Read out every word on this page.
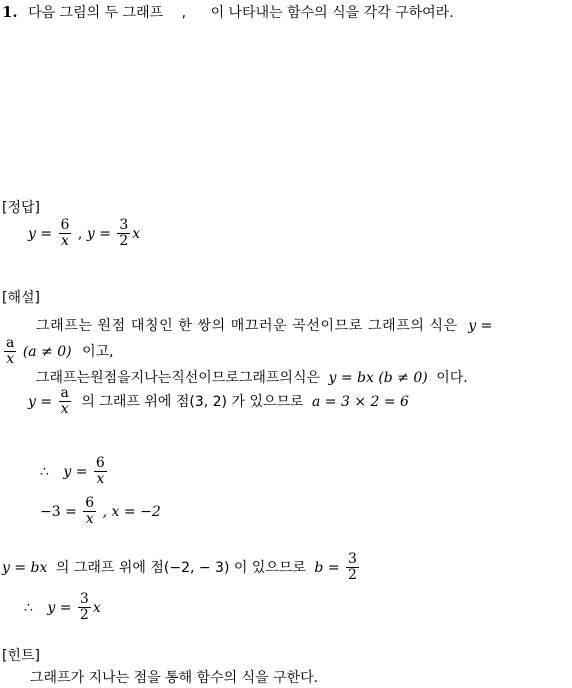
1. 다음 그림의 두 그래프 , 이 나타내는 함수의 식을 각각 구하여라.
[정답]
$y = \frac{6}{x}$ , $y = \frac{3}{2}$ x
[해설]
그래프는 원점 대칭인 한 쌍의 매끄러운 곡선이므로 그래프의 식은 y =
$\frac{a}{x} (a \ne 0)$ 이고,
그래프는원점을지나는직선이므로그래프의식은 y = bx (b ≠ 0) 이다.
$y = \frac{a}{x}$ 의 그래프 위에 점(3, 2) 가 있으므로 a = 3 × 2 = 6
∴ $y = \frac{6}{x}$
$-3 = \frac{6}{x}$ , x = −2
y = bx 의 그래프 위에 점(−2, − 3) 이 있으므로 $b = \frac{3}{2}$
∴ $y = \frac{3}{2}$ x
[힌트]
그래프가 지나는 점을 통해 함수의 식을 구한다.
